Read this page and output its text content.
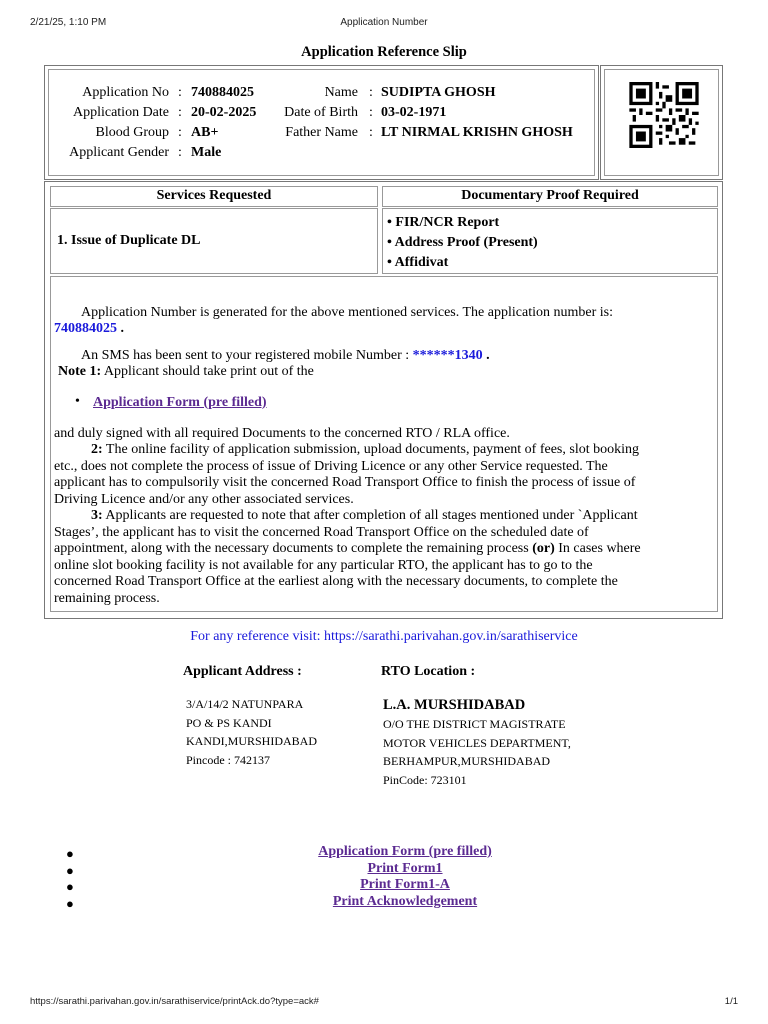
2/21/25, 1:10 PM	Application Number
Application Reference Slip
Application No : 740884025
Application Date : 20-02-2025
Blood Group : AB+
Applicant Gender : Male
Name : SUDIPTA GHOSH
Date of Birth : 03-02-1971
Father Name : LT NIRMAL KRISHN GHOSH
Services Requested	Documentary Proof Required
1. Issue of Duplicate DL
• FIR/NCR Report
• Address Proof (Present)
• Affidivat
Application Number is generated for the above mentioned services. The application number is:
740884025 .
An SMS has been sent to your registered mobile Number : ******1340 .
Note 1: Applicant should take print out of the
• Application Form (pre filled)
and duly signed with all required Documents to the concerned RTO / RLA office.
2: The online facility of application submission, upload documents, payment of fees, slot booking
etc., does not complete the process of issue of Driving Licence or any other Service requested. The
applicant has to compulsorily visit the concerned Road Transport Office to finish the process of issue of
Driving Licence and/or any other associated services.
3: Applicants are requested to note that after completion of all stages mentioned under `Applicant
Stages’, the applicant has to visit the concerned Road Transport Office on the scheduled date of
appointment, along with the necessary documents to complete the remaining process (or) In cases where
online slot booking facility is not available for any particular RTO, the applicant has to go to the
concerned Road Transport Office at the earliest along with the necessary documents, to complete the
remaining process.
For any reference visit: https://sarathi.parivahan.gov.in/sarathiservice
Applicant Address :	RTO Location :
3/A/14/2 NATUNPARA
PO & PS KANDI
KANDI,MURSHIDABAD
Pincode : 742137
L.A. MURSHIDABAD
O/O THE DISTRICT MAGISTRATE
MOTOR VEHICLES DEPARTMENT,
BERHAMPUR,MURSHIDABAD
PinCode: 723101
●	Application Form (pre filled)
●	Print Form1
●	Print Form1-A
●	Print Acknowledgement
https://sarathi.parivahan.gov.in/sarathiservice/printAck.do?type=ack#	1/1
